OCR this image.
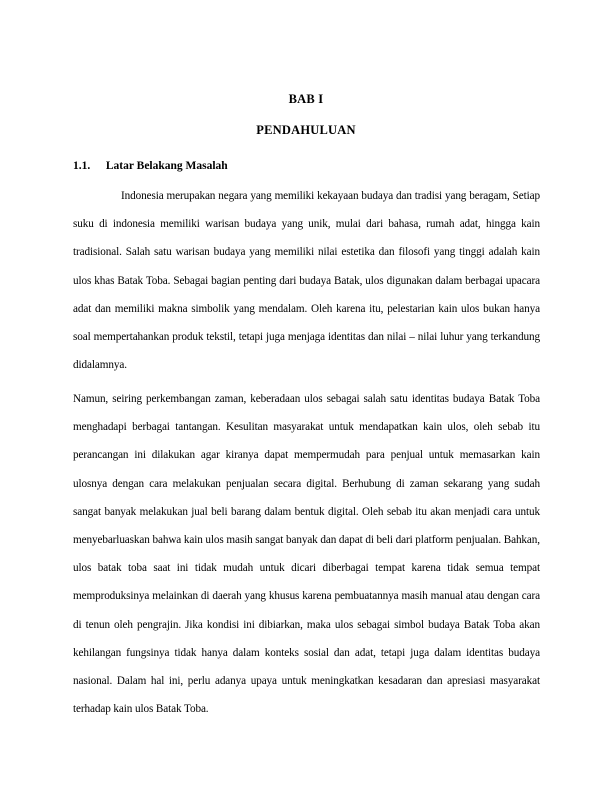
BAB I
PENDAHULUAN
1.1. Latar Belakang Masalah

Indonesia merupakan negara yang memiliki kekayaan budaya dan tradisi yang beragam, Setiap suku di indonesia memiliki warisan budaya yang unik, mulai dari bahasa, rumah adat, hingga kain tradisional. Salah satu warisan budaya yang memiliki nilai estetika dan filosofi yang tinggi adalah kain ulos khas Batak Toba. Sebagai bagian penting dari budaya Batak, ulos digunakan dalam berbagai upacara adat dan memiliki makna simbolik yang mendalam. Oleh karena itu, pelestarian kain ulos bukan hanya soal mempertahankan produk tekstil, tetapi juga menjaga identitas dan nilai – nilai luhur yang terkandung didalamnya.

Namun, seiring perkembangan zaman, keberadaan ulos sebagai salah satu identitas budaya Batak Toba menghadapi berbagai tantangan. Kesulitan masyarakat untuk mendapatkan kain ulos, oleh sebab itu perancangan ini dilakukan agar kiranya dapat mempermudah para penjual untuk memasarkan kain ulosnya dengan cara melakukan penjualan secara digital. Berhubung di zaman sekarang yang sudah sangat banyak melakukan jual beli barang dalam bentuk digital. Oleh sebab itu akan menjadi cara untuk menyebarluaskan bahwa kain ulos masih sangat banyak dan dapat di beli dari platform penjualan. Bahkan, ulos batak toba saat ini tidak mudah untuk dicari diberbagai tempat karena tidak semua tempat memproduksinya melainkan di daerah yang khusus karena pembuatannya masih manual atau dengan cara di tenun oleh pengrajin. Jika kondisi ini dibiarkan, maka ulos sebagai simbol budaya Batak Toba akan kehilangan fungsinya tidak hanya dalam konteks sosial dan adat, tetapi juga dalam identitas budaya nasional. Dalam hal ini, perlu adanya upaya untuk meningkatkan kesadaran dan apresiasi masyarakat terhadap kain ulos Batak Toba.
